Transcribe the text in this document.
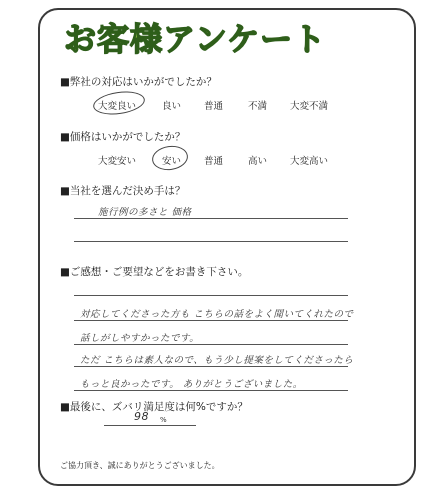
お客様アンケート
■弊社の対応はいかがでしたか？
大変良い	良い 普通	不満 大変不満
■価格はいかがでしたか？
大変安い	安い 普通	高い 大変高い
■当社を選んだ決め手は？
施行例の多さと 価格
■ご感想・ご要望などをお書き下さい。
対応してくださった方も こちらの話をよく聞いてくれたので
話しがしやすかったです。
ただ こちらは素人なので、もう少し提案をしてくださったら
もっと良かったです。 ありがとうございました。
■最後に、ズバリ満足度は何%ですか？
98 %
ご協力頂き、誠にありがとうございました。
